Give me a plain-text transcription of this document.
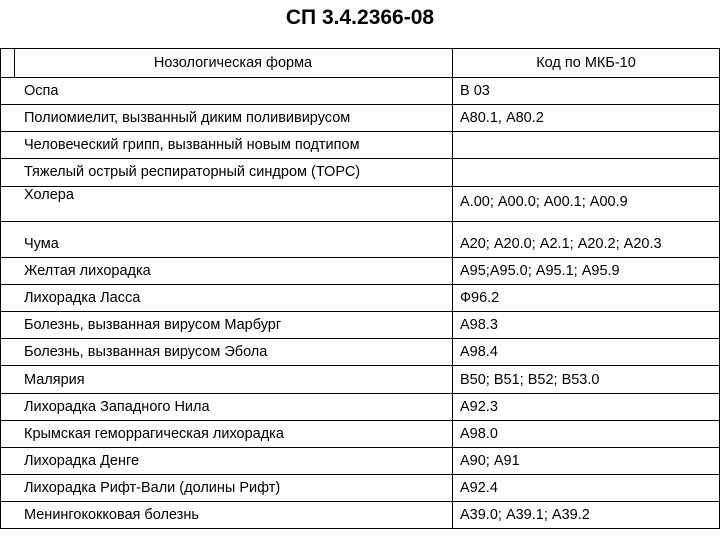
СП 3.4.2366-08
Нозологическая форма	Код по МКБ-10
Оспа	В 03
Полиомиелит, вызванный диким полививирусом	А80.1, А80.2
Человеческий грипп, вызванный новым подтипом
Тяжелый острый респираторный синдром (ТОРС)
Холера	А.00; А00.0; А00.1; А00.9
Чума	А20; А20.0; А2.1; А20.2; А20.3
Желтая лихорадка	А95;А95.0; А95.1; А95.9
Лихорадка Ласса	Ф96.2
Болезнь, вызванная вирусом Марбург	А98.3
Болезнь, вызванная вирусом Эбола	А98.4
Малярия	В50; В51; В52; В53.0
Лихорадка Западного Нила	А92.3
Крымская геморрагическая лихорадка	А98.0
Лихорадка Денге	А90; А91
Лихорадка Рифт-Вали (долины Рифт)	А92.4
Менингококковая болезнь	А39.0; А39.1; А39.2
